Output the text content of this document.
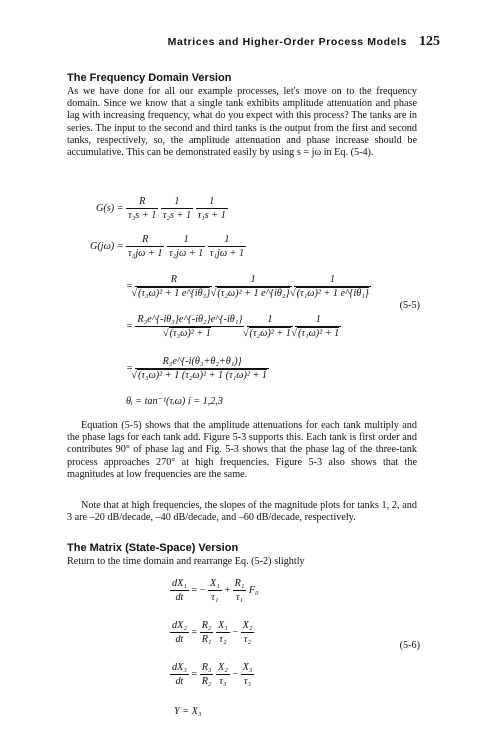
Matrices and Higher-Order Process Models 125
The Frequency Domain Version
As we have done for all our example processes, let's move on to the frequency domain. Since we know that a single tank exhibits amplitude attenuation and phase lag with increasing frequency, what do you expect with this process? The tanks are in series. The input to the second and third tanks is the output from the first and second tanks, respectively, so, the amplitude attenuation and phase increase should be accumulative. This can be demonstrated easily by using s = jω in Eq. (5-4).
$G(s) = \frac{R}{\text{τ₃s + 1}}$
$\frac{1}{\text{τ₂s + 1}}$
$\frac{1}{\text{τ₁s + 1}}$
$G(j\omega) = \frac{R}{\text{τ₃jω + 1}}$
$\frac{1}{\text{τ₂jω + 1}}$
$\frac{1}{\text{τ₁jω + 1}}$
= R
√ (τ₃ω)² + 1 e^{iθ₃}
1
√ (τ₂ω)² + 1 e^{iθ₂}
1
√ (τ₁ω)² + 1 e^{iθ₁}
(5-5)
= R₃e^{-iθ₃}e^{-iθ₂}e^{-iθ₁}
√ (τ₃ω)² + 1
1
√ (τ₂ω)² + 1
1
√ (τ₁ω)² + 1
= R₃e^{-i(θ₃+θ₂+θ₁)}
√ (τ₃ω)² + 1 (τ₂ω)² + 1 (τ₁ω)² + 1
θᵢ = tan⁻¹(τᵢω) i = 1,2,3
Equation (5-5) shows that the amplitude attenuations for each tank multiply and the phase lags for each tank add. Figure 5-3 supports this. Each tank is first order and contributes 90° of phase lag and Fig. 5-3 shows that the phase lag of the three-tank process approaches 270° at high frequencies. Figure 5-3 also shows that the magnitudes at low frequencies are the same.
Note that at high frequencies, the slopes of the magnitude plots for tanks 1, 2, and 3 are –20 dB/decade, –40 dB/decade, and –60 dB/decade, respectively.
The Matrix (State-Space) Version
Return to the time domain and rearrange Eq. (5-2) slightly
$\frac{\text{dX₁}}{dt}$ = − $\frac{\text{X₁}}{\text{τ₁}} + \frac{\text{R₁}}{\text{τ₁}} F_0$
$\frac{\text{dX₂}}{dt} = \frac{\text{R₂}}{\text{R₁}}$
$\frac{\text{X₁}}{\text{τ₂}} - \frac{\text{X₂}}{\text{τ₂}}$
(5-6)
$\frac{\text{dX₃}}{dt} = \frac{\text{R₃}}{\text{R₂}}$
$\frac{\text{X₂}}{\text{τ₃}} - \frac{\text{X₃}}{\text{τ₃}}$
Y = X₃
